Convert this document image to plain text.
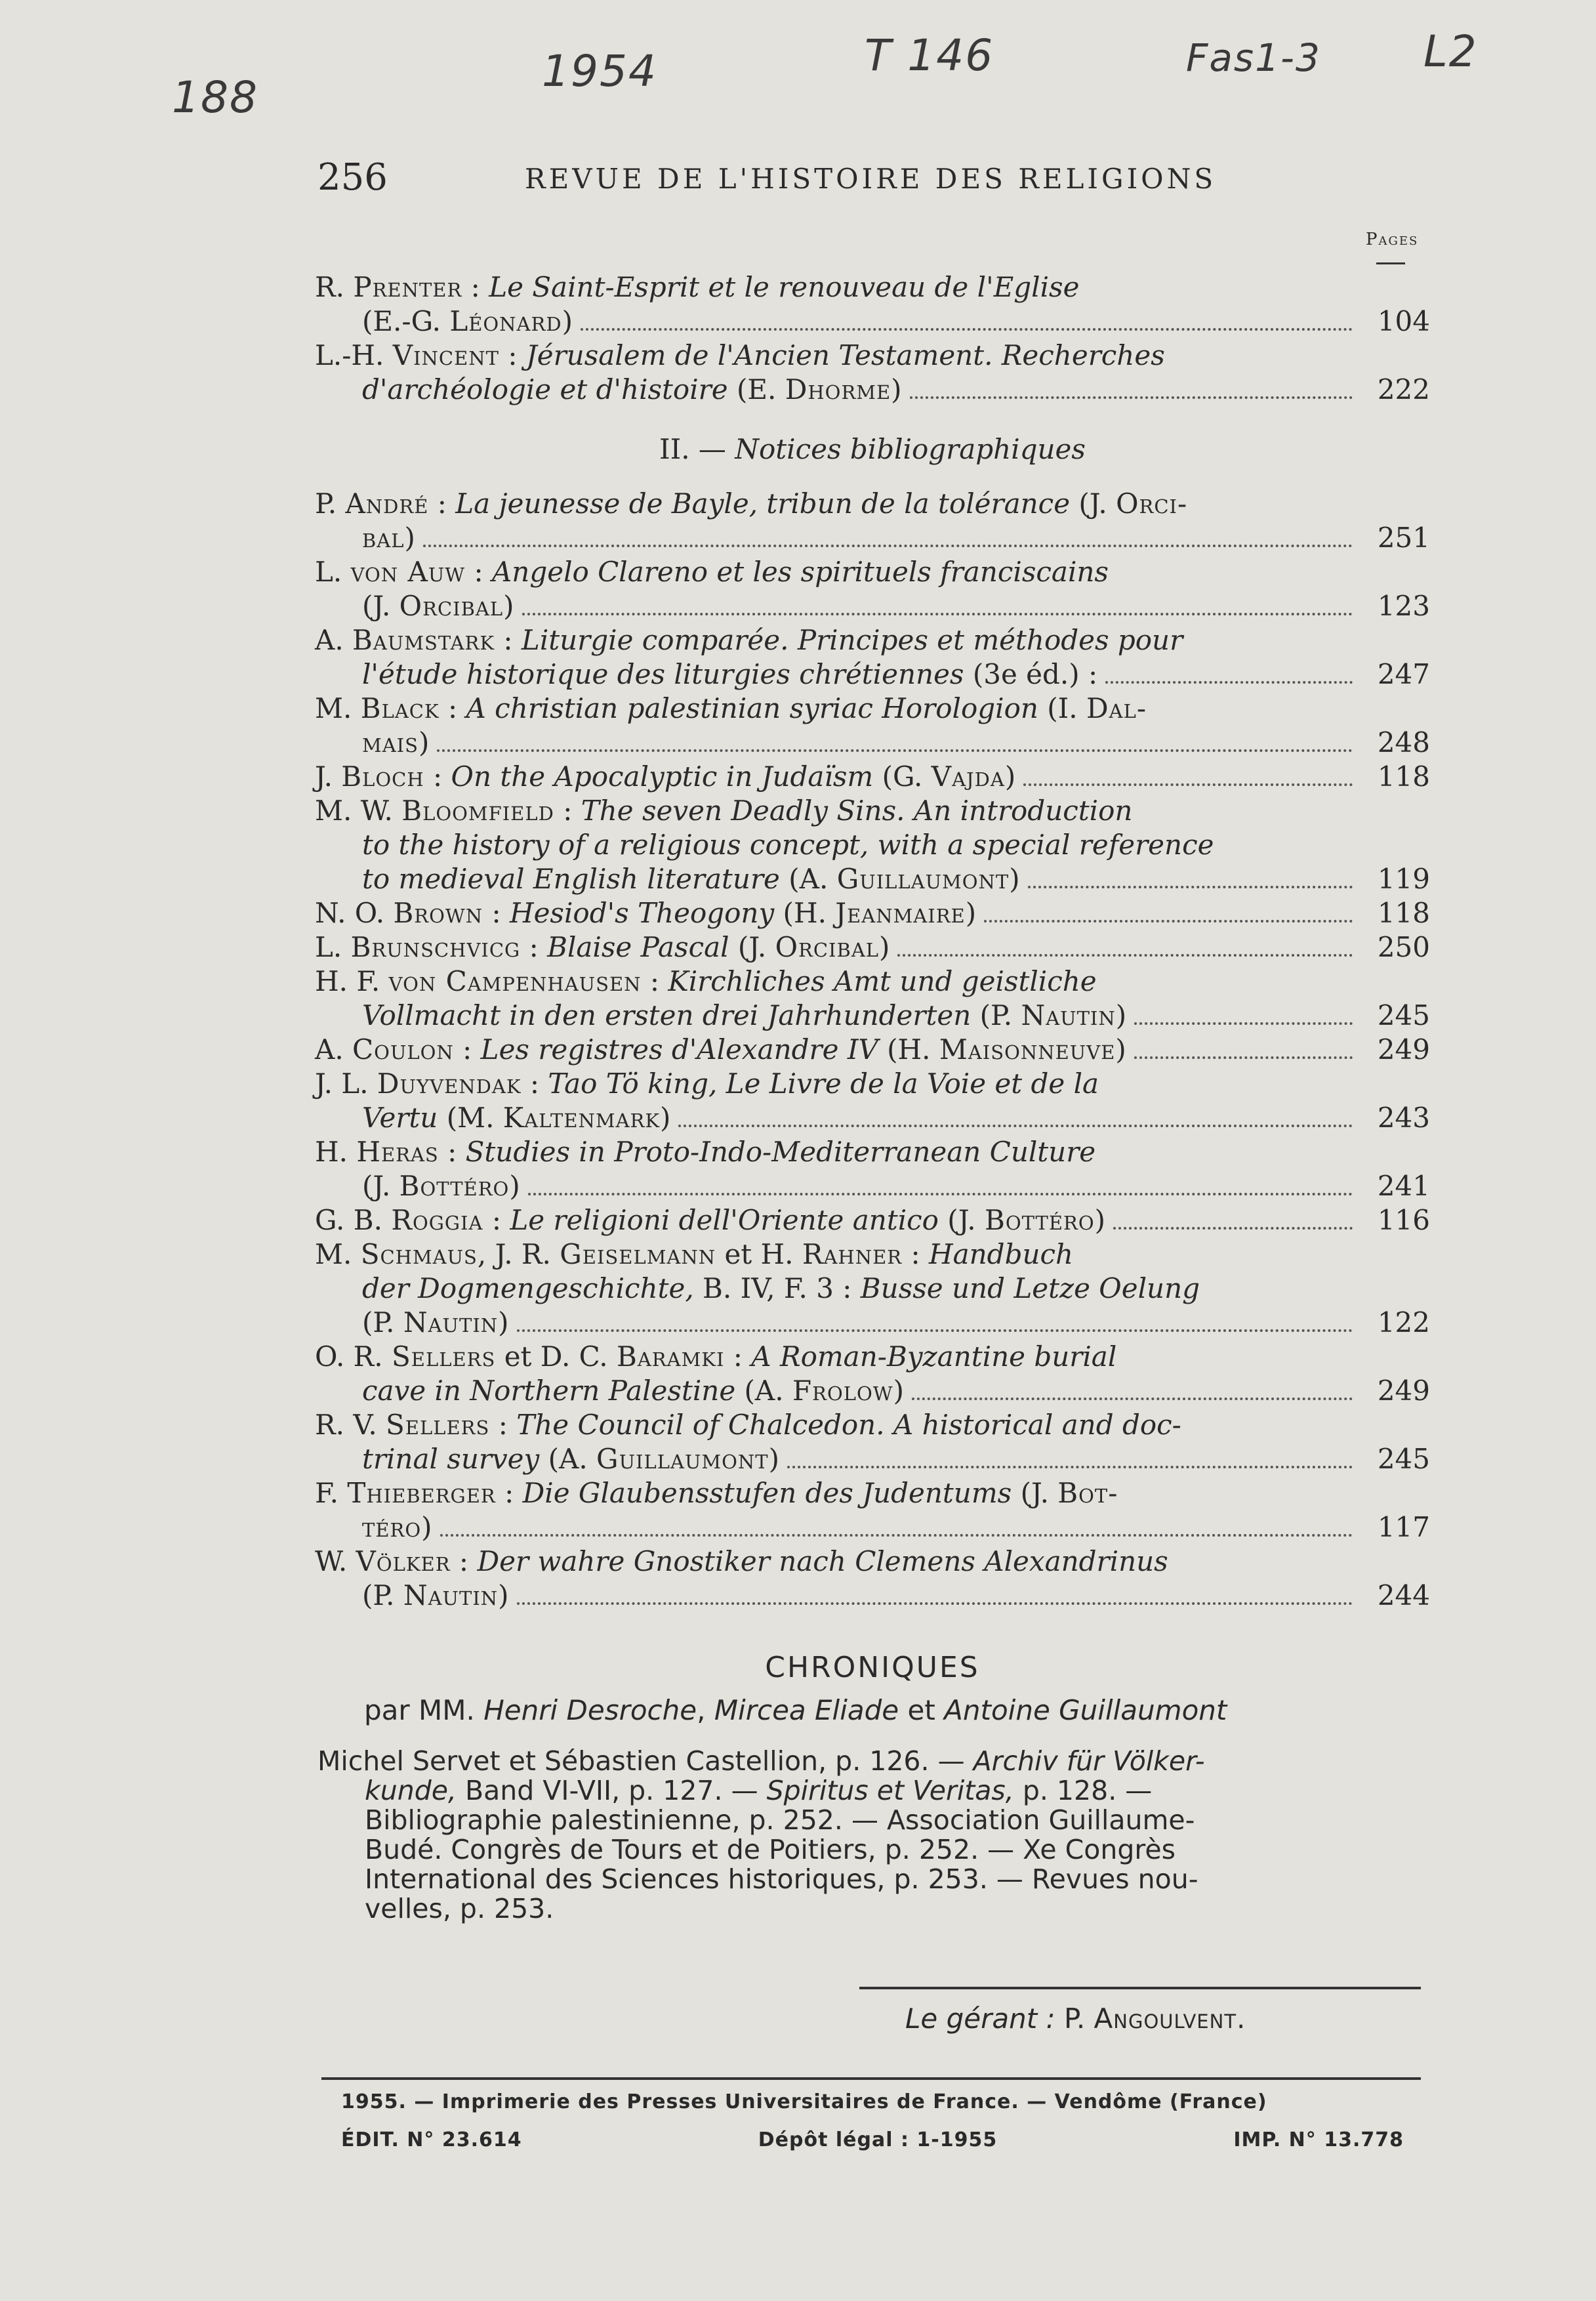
188
1954	T 146	Fas1-3 L2
256	REVUE DE L'HISTOIRE DES RELIGIONS
Pages
R. Prenter : Le Saint-Esprit et le renouveau de l'Eglise
(E.-G. Léonard)	104
L.-H. Vincent : Jérusalem de l'Ancien Testament. Recherches
d'archéologie et d'histoire (E. Dhorme)	222
II. — Notices bibliographiques
P. André : La jeunesse de Bayle, tribun de la tolérance (J. Orci-
bal)	251
L. von Auw : Angelo Clareno et les spirituels franciscains
(J. Orcibal)	123
A. Baumstark : Liturgie comparée. Principes et méthodes pour
l'étude historique des liturgies chrétiennes (3e éd.) :	247
M. Black : A christian palestinian syriac Horologion (I. Dal-
mais)	248
J. Bloch : On the Apocalyptic in Judaïsm (G. Vajda)	118
M. W. Bloomfield : The seven Deadly Sins. An introduction
to the history of a religious concept, with a special reference
to medieval English literature (A. Guillaumont)	119
N. O. Brown : Hesiod's Theogony (H. Jeanmaire)	118
L. Brunschvicg : Blaise Pascal (J. Orcibal)	250
H. F. von Campenhausen : Kirchliches Amt und geistliche
Vollmacht in den ersten drei Jahrhunderten (P. Nautin)	245
A. Coulon : Les registres d'Alexandre IV (H. Maisonneuve)	249
J. L. Duyvendak : Tao Tö king, Le Livre de la Voie et de la
Vertu (M. Kaltenmark)	243
H. Heras : Studies in Proto-Indo-Mediterranean Culture
(J. Bottéro)	241
G. B. Roggia : Le religioni dell'Oriente antico (J. Bottéro)	116
M. Schmaus, J. R. Geiselmann et H. Rahner : Handbuch
der Dogmengeschichte, B. IV, F. 3 : Busse und Letze Oelung
(P. Nautin)	122
O. R. Sellers et D. C. Baramki : A Roman-Byzantine burial
cave in Northern Palestine (A. Frolow)	249
R. V. Sellers : The Council of Chalcedon. A historical and doc-
trinal survey (A. Guillaumont)	245
F. Thieberger : Die Glaubensstufen des Judentums (J. Bot-
téro)	117
W. Völker : Der wahre Gnostiker nach Clemens Alexandrinus
(P. Nautin)	244
CHRONIQUES
par MM. Henri Desroche, Mircea Eliade et Antoine Guillaumont
Michel Servet et Sébastien Castellion, p. 126. — Archiv für Völker-
kunde, Band VI-VII, p. 127. — Spiritus et Veritas, p. 128. —
Bibliographie palestinienne, p. 252. — Association Guillaume-
Budé. Congrès de Tours et de Poitiers, p. 252. — Xe Congrès
International des Sciences historiques, p. 253. — Revues nou-
velles, p. 253.
Le gérant : P. Angoulvent.
1955. — Imprimerie des Presses Universitaires de France. — Vendôme (France)
ÉDIT. N° 23.614	Dépôt légal : 1-1955	IMP. N° 13.778
